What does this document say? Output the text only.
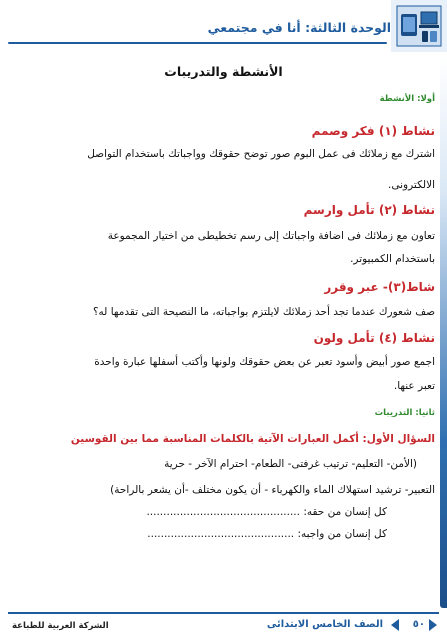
الوحدة الثالثة: أنا في مجتمعي
الأنشطة والتدريبات
أولا: الأنشطة
نشاط (١) فكر وصمم
اشترك مع زملائك فى عمل البوم صور توضح حقوقك وواجباتك باستخدام التواصل
الالكترونى.
نشاط (٢) تأمل وارسم
تعاون مع زملائك فى اضافة واجباتك إلى رسم تخطيطى من اختيار المجموعة
باستخدام الكمبيوتر.
شاط(٣)- عبر وقرر
صف شعورك عندما تجد أحد زملائك لايلتزم بواجباته، ما النصيحة التى تقدمها له؟
نشاط (٤) تأمل ولون
اجمع صور أبيض وأسود تعبر عن بعض حقوقك ولونها وأكتب أسفلها عبارة واحدة
تعبر عنها.
ثانيا: التدريبات
السؤال الأول: أكمل العبارات الآتية بالكلمات المناسبة مما بين القوسين
(الأمن- التعليم- ترتيب غرفتى- الطعام- احترام الآخر - حرية
التعبير- ترشيد استهلاك الماء والكهرباء - أن يكون مختلف -أن يشعر بالراحة)
كل إنسان من حقه: ..............................................
كل إنسان من واجبه: ............................................
الشركة العربية للطباعة	الصف الخامس الابتدائى	٥٠
